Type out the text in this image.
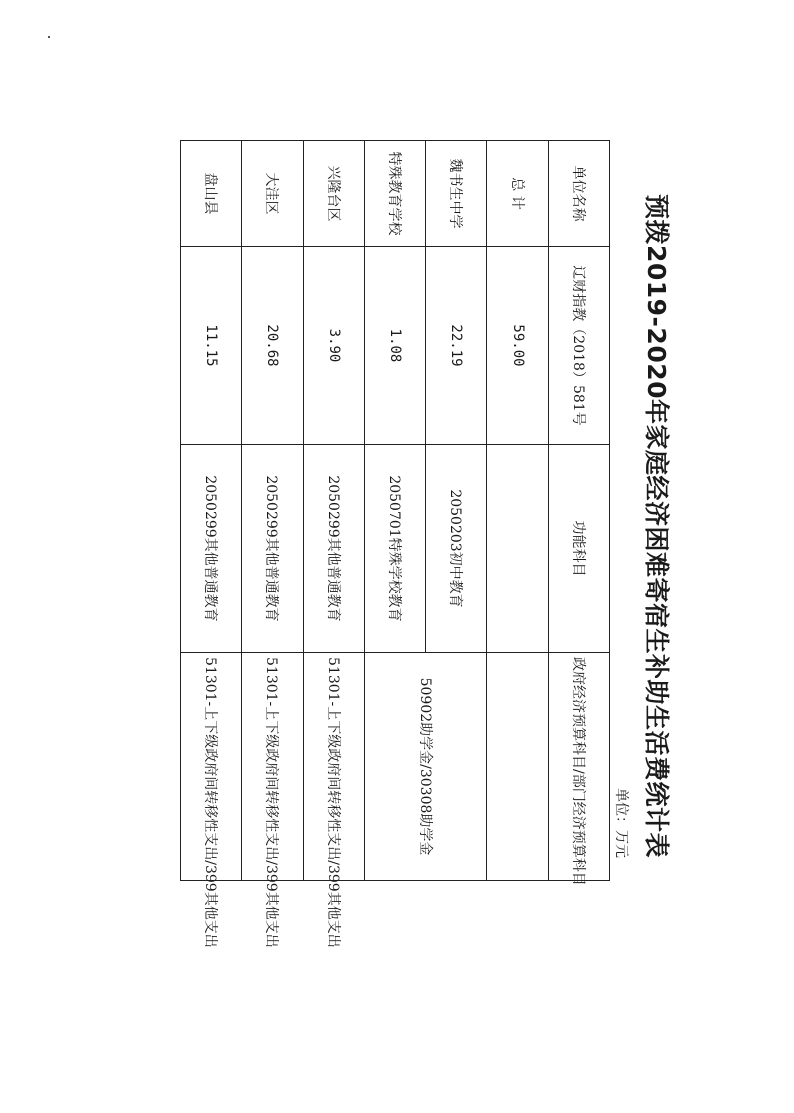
预拨2019-2020年家庭经济困难寄宿生补助生活费统计表
单位：万元
单位名称	辽财指教（2018）581号	功能科目	政府经济预算科目/部门经济预算科目
总 计	59.00		
魏书生中学	22.19	2050203初中教育	50902助学金/30308助学金
特殊教育学校	1.08	2050701特殊学校教育	
兴隆台区	3.90	2050299其他普通教育	51301-上下级政府间转移性支出/399其他支出
大洼区	20.68	2050299其他普通教育	51301-上下级政府间转移性支出/399其他支出
盘山县	11.15	2050299其他普通教育	51301-上下级政府间转移性支出/399其他支出
